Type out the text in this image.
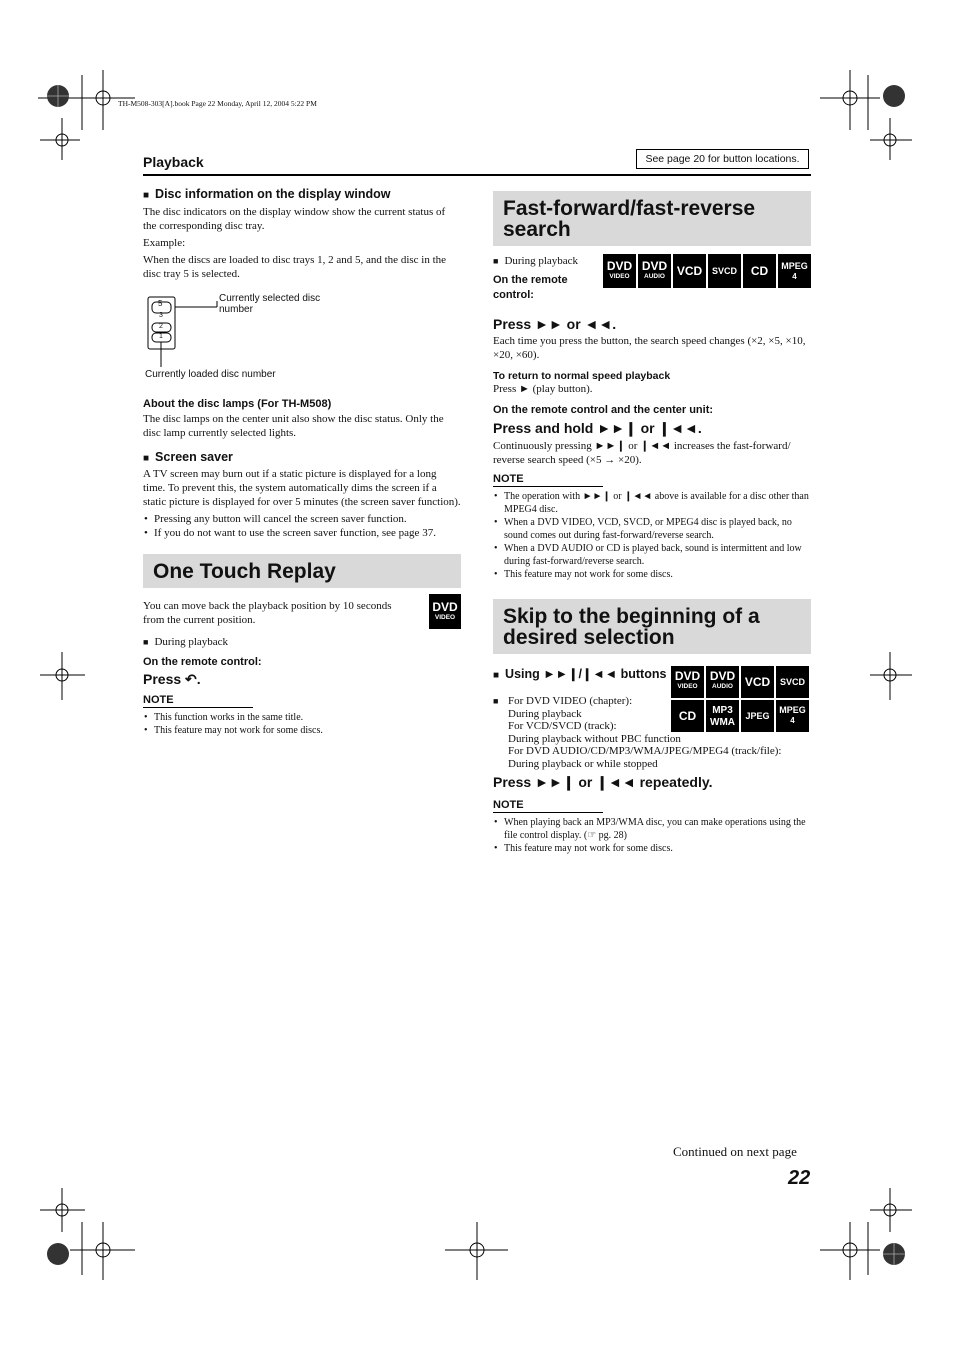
TH-M508-303[A].book Page 22 Monday, April 12, 2004 5:22 PM
Playback	See page 20 for button locations.
■ Disc information on the display window

The disc indicators on the display window show the current status of the corresponding disc tray.

Example:

When the discs are loaded to disc trays 1, 2 and 5, and the disc in the disc tray 5 is selected.

5
3
2
1
Currently selected disc number
Currently loaded disc number

About the disc lamps (For TH-M508)

The disc lamps on the center unit also show the disc status. Only the disc lamp currently selected lights.

■ Screen saver

A TV screen may burn out if a static picture is displayed for a long time. To prevent this, the system automatically dims the screen if a static picture is displayed for over 5 minutes (the screen saver function).

• Pressing any button will cancel the screen saver function.
• If you do not want to use the screen saver function, see page 37.
One Touch Replay

You can move back the playback position by 10 seconds from the current position.

DVD
VIDEO

■ During playback

On the remote control:

Press ↶.

NOTE
• This function works in the same title.
• This feature may not work for some discs.
Fast-forward/fast-reverse search

■ During playback

On the remote control:

DVD
VIDEO
DVD
AUDIO VCD	SVCD	CD	MPEG
4

Press ►► or ◄◄.

Each time you press the button, the search speed changes (×2, ×5, ×10, ×20, ×60).

To return to normal speed playback

Press ► (play button).

On the remote control and the center unit:

Press and hold ►►❙ or ❙◄◄.

Continuously pressing ►►❙ or ❙◄◄ increases the fast-forward/ reverse search speed (×5 → ×20).

NOTE
• The operation with ►►❙ or ❙◄◄ above is available for a disc other than MPEG4 disc.
• When a DVD VIDEO, VCD, SVCD, or MPEG4 disc is played back, no sound comes out during fast-forward/reverse search.
• When a DVD AUDIO or CD is played back, sound is intermittent and low during fast-forward/reverse search.
• This feature may not work for some discs.
Skip to the beginning of a desired selection
■ Using ►►❙/❙◄◄ buttons DVD
VIDEO
DVD
AUDIO VCD	SVCD
CD	MP3
WMA
JPEG
MPEG
4
■ For DVD VIDEO (chapter):

During playback

For VCD/SVCD (track):

During playback without PBC function

For DVD AUDIO/CD/MP3/WMA/JPEG/MPEG4 (track/file):

During playback or while stopped

Press ►►❙ or ❙◄◄ repeatedly.

NOTE
• When playing back an MP3/WMA disc, you can make operations using the file control display. (☞ pg. 28)
• This feature may not work for some discs.
Continued on next page
22
